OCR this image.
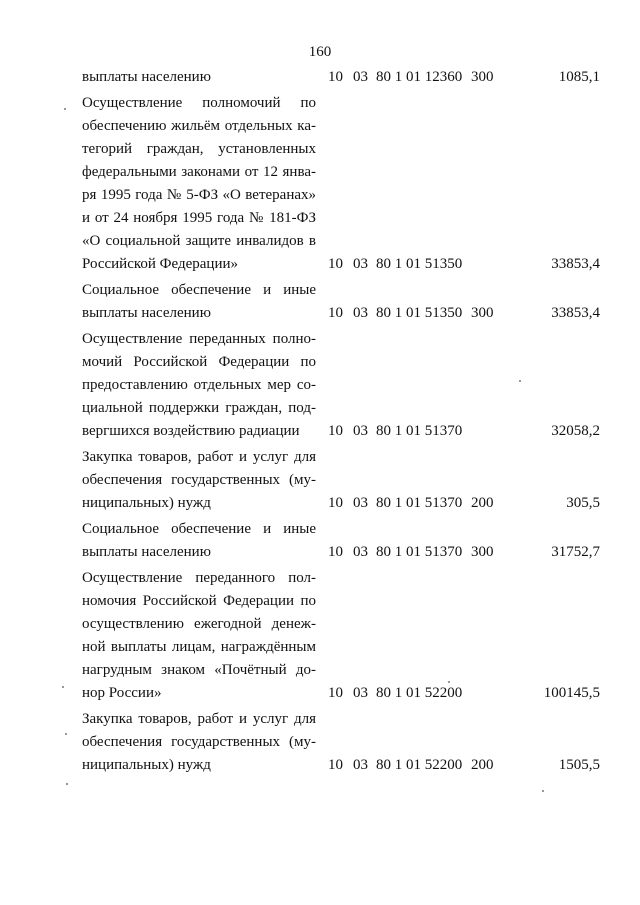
160
выплаты населению	10 03 80 1 01 12360 300	1085,1
Осуществление полномочий по
обеспечению жильём отдельных ка-
тегорий граждан, установленных
федеральными законами от 12 янва-
ря 1995 года № 5-ФЗ «О ветеранах»
и от 24 ноября 1995 года № 181-ФЗ
«О социальной защите инвалидов в
Российской Федерации»	10 03 80 1 01 51350	33853,4
Социальное обеспечение и иные
выплаты населению	10 03 80 1 01 51350 300	33853,4
Осуществление переданных полно-
мочий Российской Федерации по
предоставлению отдельных мер со-
циальной поддержки граждан, под-
вергшихся воздействию радиации	10 03 80 1 01 51370	32058,2
Закупка товаров, работ и услуг для
обеспечения государственных (му-
ниципальных) нужд	10 03 80 1 01 51370 200	305,5
Социальное обеспечение и иные
выплаты населению	10 03 80 1 01 51370 300	31752,7
Осуществление переданного пол-
номочия Российской Федерации по
осуществлению ежегодной денеж-
ной выплаты лицам, награждённым
нагрудным знаком «Почётный до-
нор России»	10 03 80 1 01 52200	100145,5
Закупка товаров, работ и услуг для
обеспечения государственных (му-
ниципальных) нужд	10 03 80 1 01 52200 200	1505,5
